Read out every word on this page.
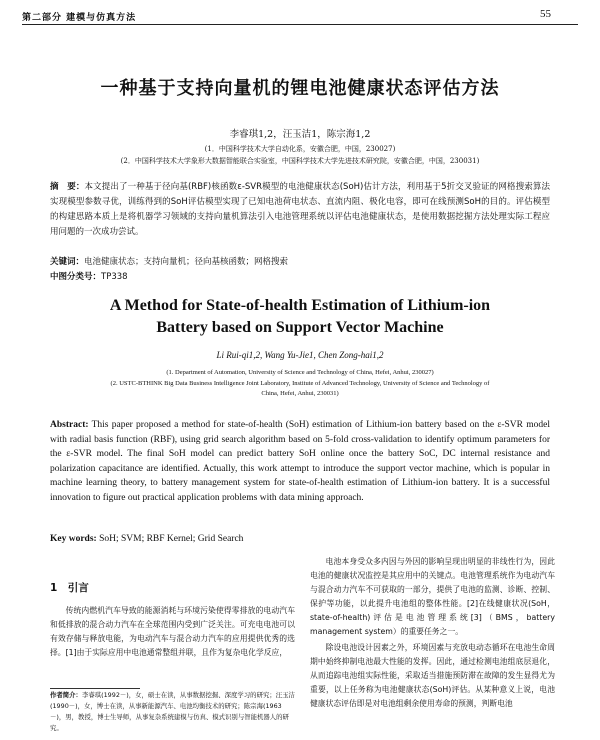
第二部分 建模与仿真方法	55
一种基于支持向量机的锂电池健康状态评估方法
李睿琪1,2，汪玉洁1，陈宗海1,2
(1．中国科学技术大学自动化系，安徽合肥，中国，230027)
(2．中国科学技术大学象形大数据智能联合实验室，中国科学技术大学先进技术研究院，安徽合肥，中国，230031)
摘　要：本文提出了一种基于径向基(RBF)核函数ε-SVR模型的电池健康状态(SoH)估计方法，利用基于5折交叉验证的网格搜索算法实现模型参数寻优，训练得到的SoH评估模型实现了已知电池荷电状态、直流内阻、极化电容，即可在线预测SoH的目的。评估模型的构建思路本质上是将机器学习领域的支持向量机算法引入电池管理系统以评估电池健康状态，是使用数据挖掘方法处理实际工程应用问题的一次成功尝试。
关键词：电池健康状态；支持向量机；径向基核函数；网格搜索
中图分类号：TP338
A Method for State-of-health Estimation of Lithium-ion
Battery based on Support Vector Machine
Li Rui-qi1,2, Wang Yu-Jie1, Chen Zong-hai1,2
(1. Department of Automation, University of Science and Technology of China, Hefei, Anhui, 230027)
(2. USTC-BTHINK Big Data Business Intelligence Joint Laboratory, Institute of Advanced Technology, University of Science and Technology of
China, Hefei, Anhui, 230031)
Abstract: This paper proposed a method for state-of-health (SoH) estimation of Lithium-ion battery based on the ε-SVR model with radial basis function (RBF), using grid search algorithm based on 5-fold cross-validation to identify optimum parameters for the ε-SVR model. The final SoH model can predict battery SoH online once the battery SoC, DC internal resistance and polarization capacitance are identified. Actually, this work attempt to introduce the support vector machine, which is popular in machine learning theory, to battery management system for state-of-health estimation of Lithium-ion battery. It is a successful innovation to figure out practical application problems with data mining approach.
Key words: SoH; SVM; RBF Kernel; Grid Search
1　引言

传统内燃机汽车导致的能源消耗与环境污染使得零排放的电动汽车和低排放的混合动力汽车在全球范围内受到广泛关注。可充电电池可以有效存储与释放电能，为电动汽车与混合动力汽车的应用提供优秀的选择。[1]由于实际应用中电池通常整组并联，且作为复杂电化学反应，

电池本身受众多内因与外因的影响呈现出明显的非线性行为，因此电池的健康状况监控是其应用中的关键点。电池管理系统作为电动汽车与混合动力汽车不可获取的一部分，提供了电池的监测、诊断、控制、保护等功能，以此提升电池组的整体性能。[2]在线健康状况(SoH，state-of-health)评估是电池管理系统[3]（BMS，battery management system）的重要任务之一。

除设电池设计因素之外，环境因素与充放电动态循环在电池生命周期中始终抑制电池最大性能的发挥。因此，通过检测电池组底层退化，从而追踪电池组实际性能，采取适当措施预防滞在故障的发生显得尤为重要，以上任务称为电池健康状态(SoH)评估。从某种意义上说，电池健康状态评估即是对电池组剩余使用寿命的预测，判断电池

作者简介：李睿琪(1992－)，女，硕士在读，从事数据挖掘、深度学习的研究；汪玉洁(1990－)，女，博士在读，从事新能源汽车、电池均衡技术的研究；陈宗海(1963－)，男，教授，博士生导师，从事复杂系统建模与仿真、模式识别与智能机器人的研究。
